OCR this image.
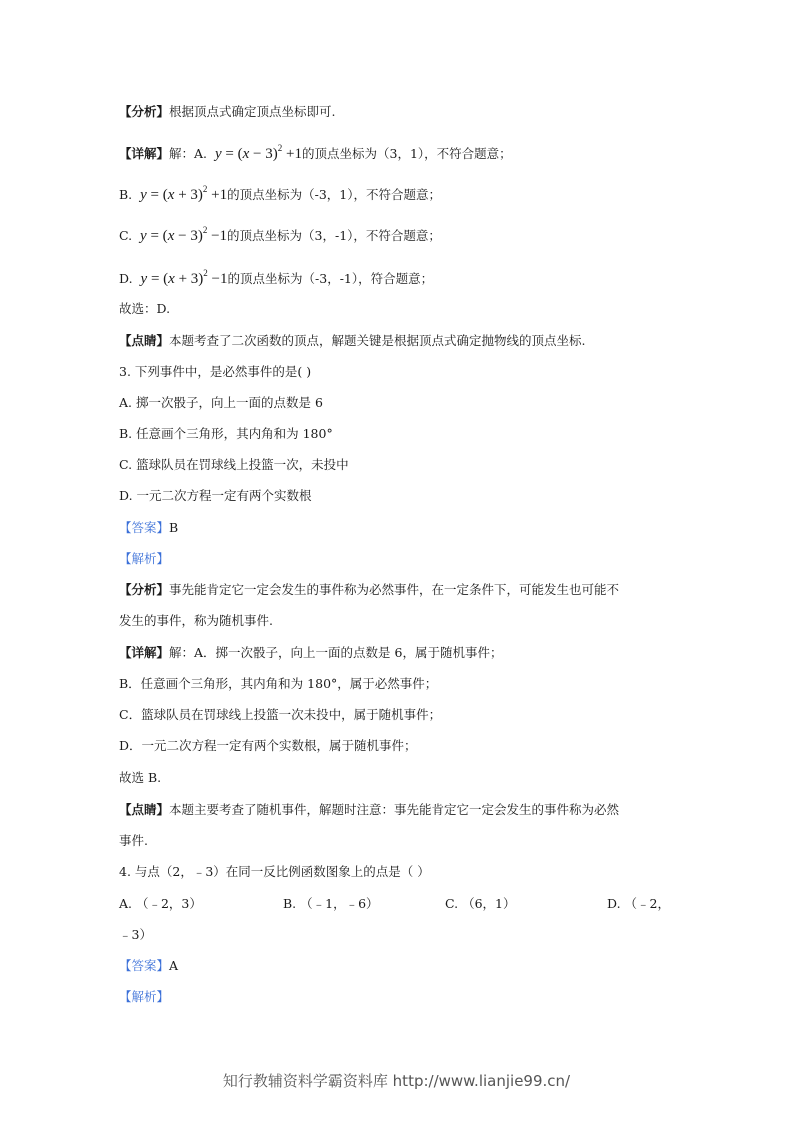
【分析】根据顶点式确定顶点坐标即可.
【详解】解：A. $y = (x - 3)^2 +1$的顶点坐标为（3，1），不符合题意；
B. $y = (x + 3)^2 +1$的顶点坐标为（-3，1），不符合题意；
C. $y = (x - 3)^2 -1$的顶点坐标为（3，-1），不符合题意；
D. $y = (x + 3)^2 -1$的顶点坐标为（-3，-1），符合题意；
故选：D.
【点睛】本题考查了二次函数的顶点，解题关键是根据顶点式确定抛物线的顶点坐标.
3. 下列事件中，是必然事件的是( )
A. 掷一次骰子，向上一面的点数是 6
B. 任意画个三角形，其内角和为 180°
C. 篮球队员在罚球线上投篮一次，未投中
D. 一元二次方程一定有两个实数根
【答案】B
【解析】
【分析】事先能肯定它一定会发生的事件称为必然事件，在一定条件下，可能发生也可能不
发生的事件，称为随机事件.
【详解】解：A．掷一次骰子，向上一面的点数是 6，属于随机事件；
B．任意画个三角形，其内角和为 180°，属于必然事件；
C．篮球队员在罚球线上投篮一次未投中，属于随机事件；
D．一元二次方程一定有两个实数根，属于随机事件；
故选 B.
【点睛】本题主要考查了随机事件，解题时注意：事先能肯定它一定会发生的事件称为必然
事件.
4. 与点（2，﹣3）在同一反比例函数图象上的点是（ ）
A. （﹣2，3）	B. （﹣1，﹣6）	C. （6，1）	D. （﹣2，
﹣3）
【答案】A
【解析】
知行教辅资料学霸资料库 http://www.lianjie99.cn/
